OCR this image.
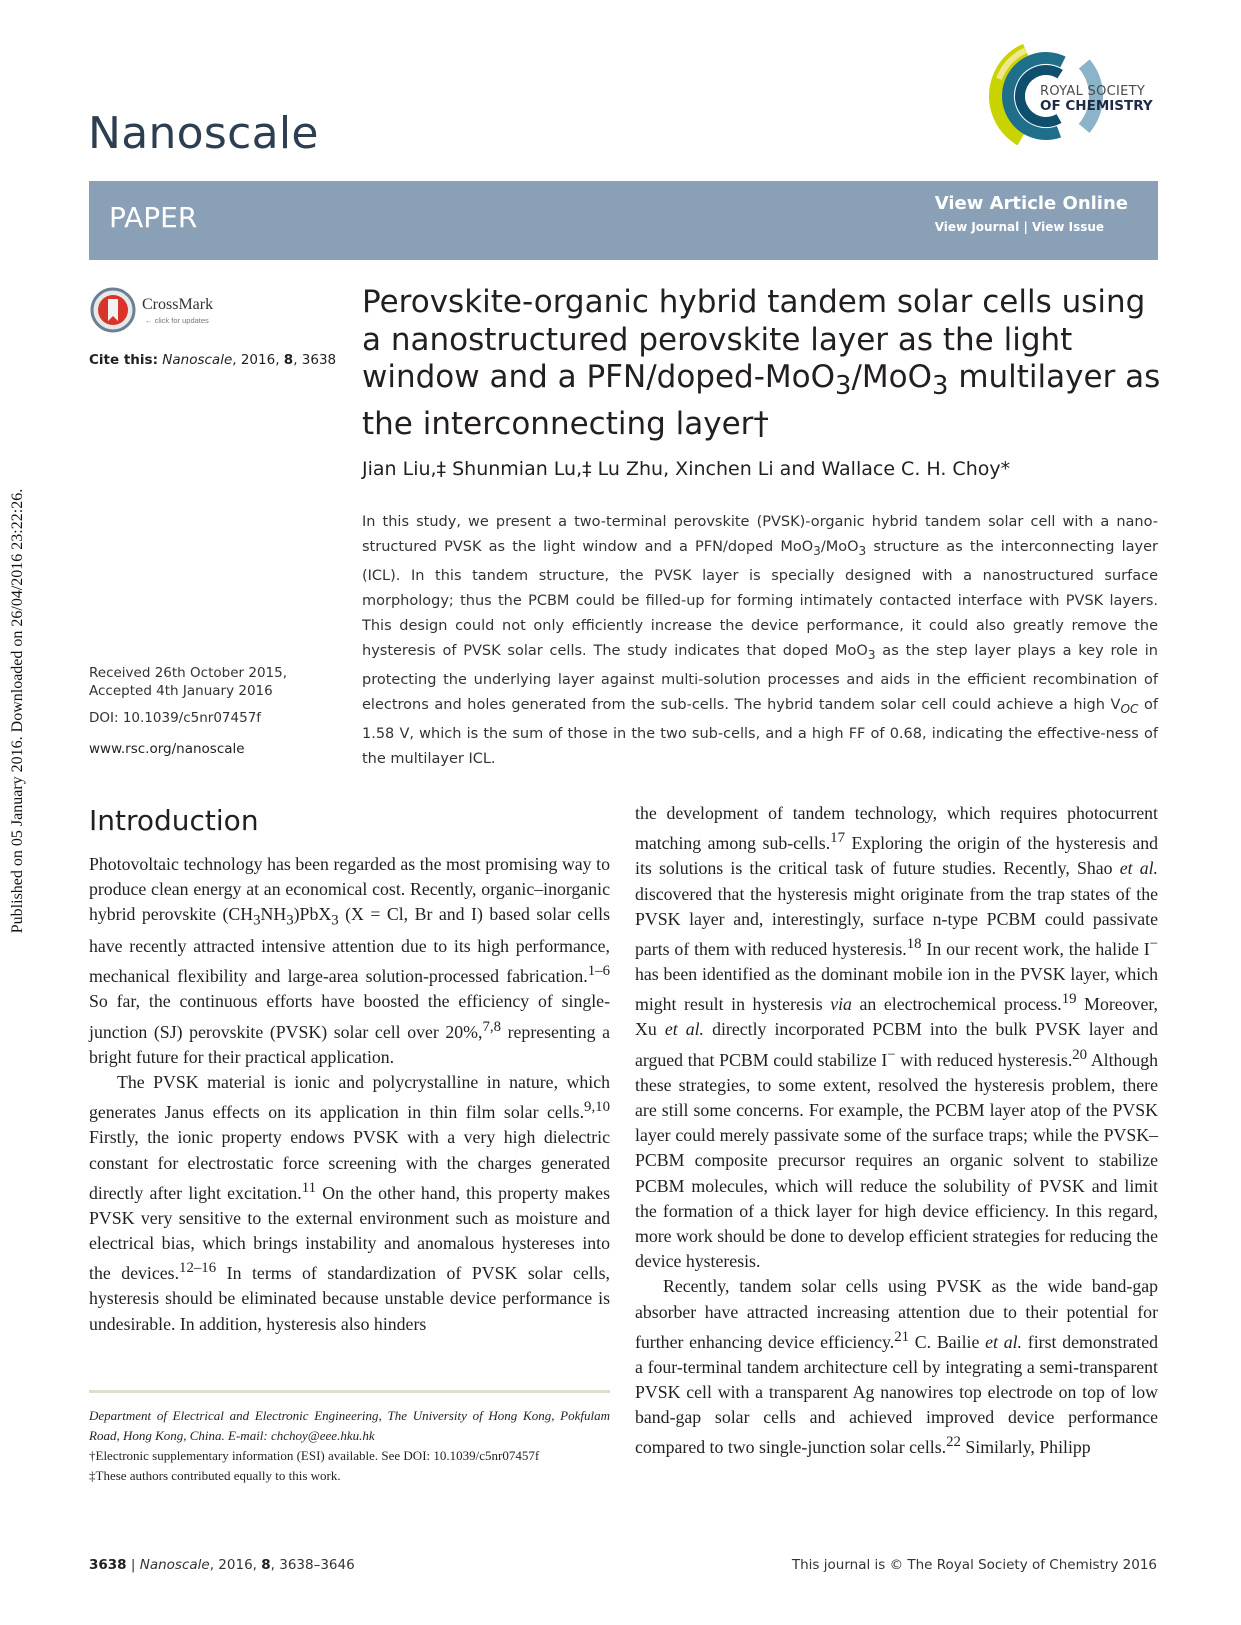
Published on 05 January 2016. Downloaded on 26/04/2016 23:22:26.
Nanoscale
ROYAL SOCIETY
OF CHEMISTRY
PAPER	View Article Online
View Journal | View Issue
CrossMark
← click for updates
Cite this: Nanoscale, 2016, 8, 3638
Perovskite-organic hybrid tandem solar cells using a nanostructured perovskite layer as the light window and a PFN/doped-MoO$_3$/MoO$_3$ multilayer as the interconnecting layer†
Jian Liu,‡ Shunmian Lu,‡ Lu Zhu, Xinchen Li and Wallace C. H. Choy*
In this study, we present a two-terminal perovskite (PVSK)-organic hybrid tandem solar cell with a nano-structured PVSK as the light window and a PFN/doped MoO$_3$/MoO$_3$ structure as the interconnecting layer (ICL). In this tandem structure, the PVSK layer is specially designed with a nanostructured surface morphology; thus the PCBM could be filled-up for forming intimately contacted interface with PVSK layers. This design could not only efficiently increase the device performance, it could also greatly remove the hysteresis of PVSK solar cells. The study indicates that doped MoO$_3$ as the step layer plays a key role in protecting the underlying layer against multi-solution processes and aids in the efficient recombination of electrons and holes generated from the sub-cells. The hybrid tandem solar cell could achieve a high $V_{OC}$ of 1.58 V, which is the sum of those in the two sub-cells, and a high FF of 0.68, indicating the effective-ness of the multilayer ICL.
Received 26th October 2015,
Accepted 4th January 2016
DOI: 10.1039/c5nr07457f
www.rsc.org/nanoscale
Introduction

Photovoltaic technology has been regarded as the most promising way to produce clean energy at an economical cost. Recently, organic–inorganic hybrid perovskite $(CH_3NH_3)PbX_3$ (X = Cl, Br and I) based solar cells have recently attracted intensive attention due to its high performance, mechanical flexibility and large-area solution-processed fabrication.$^{1-6}$ So far, the continuous efforts have boosted the efficiency of single-junction (SJ) perovskite (PVSK) solar cell over 20%,$^{7,8}$ representing a bright future for their practical application.

The PVSK material is ionic and polycrystalline in nature, which generates Janus effects on its application in thin film solar cells.$^{9,10}$ Firstly, the ionic property endows PVSK with a very high dielectric constant for electrostatic force screening with the charges generated directly after light excitation.$^{11}$ On the other hand, this property makes PVSK very sensitive to the external environment such as moisture and electrical bias, which brings instability and anomalous hystereses into the devices.$^{12-16}$ In terms of standardization of PVSK solar cells, hysteresis should be eliminated because unstable device performance is undesirable. In addition, hysteresis also hinders

Department of Electrical and Electronic Engineering, The University of Hong Kong, Pokfulam Road, Hong Kong, China. E-mail: chchoy@eee.hku.hk
†Electronic supplementary information (ESI) available. See DOI: 10.1039/c5nr07457f
‡These authors contributed equally to this work.

the development of tandem technology, which requires photocurrent matching among sub-cells.$^{17}$ Exploring the origin of the hysteresis and its solutions is the critical task of future studies. Recently, Shao et al. discovered that the hysteresis might originate from the trap states of the PVSK layer and, interestingly, surface n-type PCBM could passivate parts of them with reduced hysteresis.$^{18}$ In our recent work, the halide I− has been identified as the dominant mobile ion in the PVSK layer, which might result in hysteresis via an electrochemical process.$^{19}$ Moreover, Xu et al. directly incorporated PCBM into the bulk PVSK layer and argued that PCBM could stabilize I− with reduced hysteresis.$^{20}$ Although these strategies, to some extent, resolved the hysteresis problem, there are still some concerns. For example, the PCBM layer atop of the PVSK layer could merely passivate some of the surface traps; while the PVSK–PCBM composite precursor requires an organic solvent to stabilize PCBM molecules, which will reduce the solubility of PVSK and limit the formation of a thick layer for high device efficiency. In this regard, more work should be done to develop efficient strategies for reducing the device hysteresis.

Recently, tandem solar cells using PVSK as the wide band-gap absorber have attracted increasing attention due to their potential for further enhancing device efficiency.$^{21}$ C. Bailie et al. first demonstrated a four-terminal tandem architecture cell by integrating a semi-transparent PVSK cell with a transparent Ag nanowires top electrode on top of low band-gap solar cells and achieved improved device performance compared to two single-junction solar cells.$^{22}$ Similarly, Philipp

3638 | Nanoscale, 2016, 8, 3638–3646	This journal is © The Royal Society of Chemistry 2016
